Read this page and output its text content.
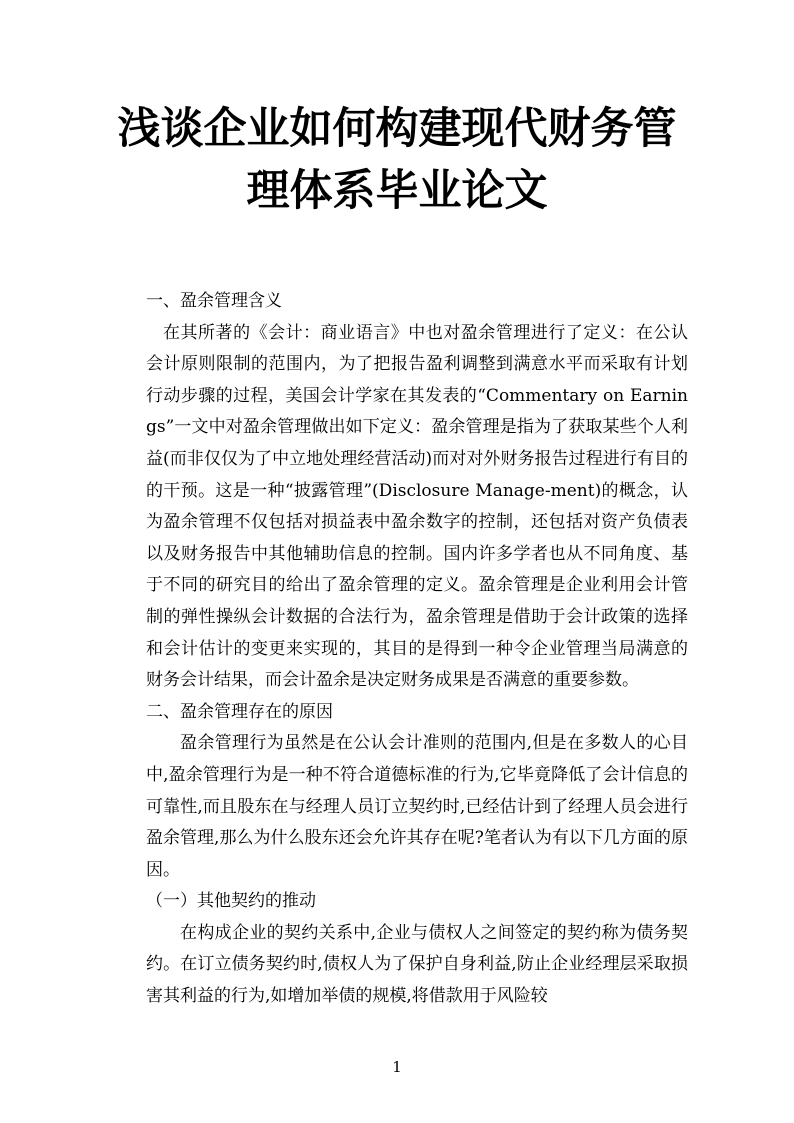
浅谈企业如何构建现代财务管理体系毕业论文

一、盈余管理含义

在其所著的《会计：商业语言》中也对盈余管理进行了定义：在公认会计原则限制的范围内，为了把报告盈利调整到满意水平而采取有计划行动步骤的过程，美国会计学家在其发表的“Commentary on Earnings”一文中对盈余管理做出如下定义：盈余管理是指为了获取某些个人利益(而非仅仅为了中立地处理经营活动)而对对外财务报告过程进行有目的的干预。这是一种“披露管理”(Disclosure Manage-ment)的概念，认为盈余管理不仅包括对损益表中盈余数字的控制，还包括对资产负债表以及财务报告中其他辅助信息的控制。国内许多学者也从不同角度、基于不同的研究目的给出了盈余管理的定义。盈余管理是企业利用会计管制的弹性操纵会计数据的合法行为，盈余管理是借助于会计政策的选择和会计估计的变更来实现的，其目的是得到一种令企业管理当局满意的财务会计结果，而会计盈余是决定财务成果是否满意的重要参数。

二、盈余管理存在的原因

盈余管理行为虽然是在公认会计准则的范围内,但是在多数人的心目中,盈余管理行为是一种不符合道德标准的行为,它毕竟降低了会计信息的可靠性,而且股东在与经理人员订立契约时,已经估计到了经理人员会进行盈余管理,那么为什么股东还会允许其存在呢?笔者认为有以下几方面的原因。

（一）其他契约的推动

在构成企业的契约关系中,企业与债权人之间签定的契约称为债务契约。在订立债务契约时,债权人为了保护自身利益,防止企业经理层采取损害其利益的行为,如增加举债的规模,将借款用于风险较

1
